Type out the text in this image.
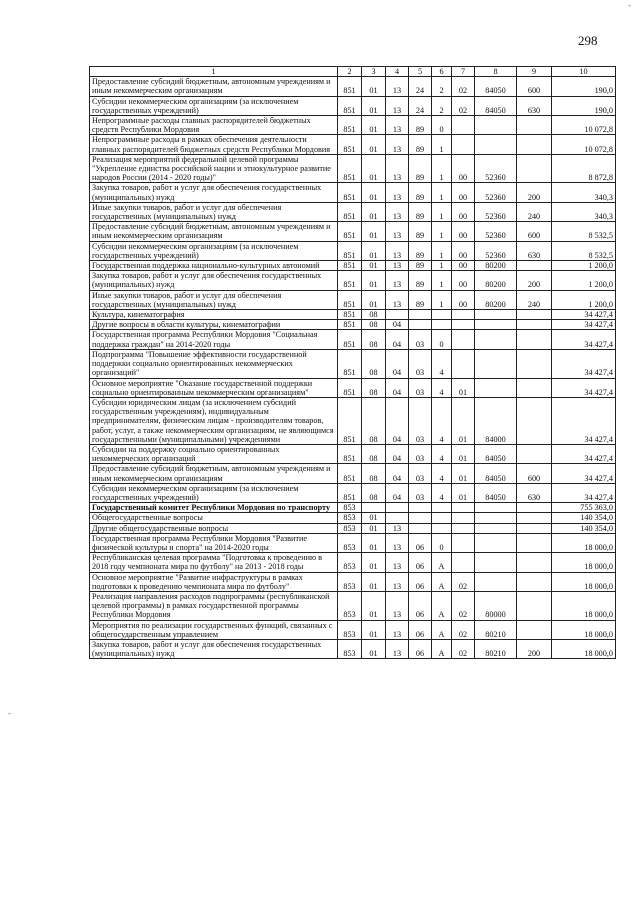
298
-
-
1	2	3	4	5	6	7	8	9	10
Предоставление субсидий бюджетным, автономным учреждениям и иным некоммерческим организациям	851	01	13	24	2	02	84050	600	190,0
Субсидии некоммерческим организациям (за исключением государственных учреждений)	851	01	13	24	2	02	84050	630	190,0
Непрограммные расходы главных распорядителей бюджетных средств Республики Мордовия	851	01	13	89	0				10 072,8
Непрограммные расходы в рамках обеспечения деятельности главных распорядителей бюджетных средств Республики Мордовия	851	01	13	89	1				10 072,8
Реализация мероприятий федеральной целевой программы "Укрепление единства российской нации и этнокультурное развитие народов России (2014 - 2020 годы)"	851	01	13	89	1	00	52360		8 872,8
Закупка товаров, работ и услуг для обеспечения государственных (муниципальных) нужд	851	01	13	89	1	00	52360	200	340,3
Иные закупки товаров, работ и услуг для обеспечения государственных (муниципальных) нужд	851	01	13	89	1	00	52360	240	340,3
Предоставление субсидий бюджетным, автономным учреждениям и иным некоммерческим организациям	851	01	13	89	1	00	52360	600	8 532,5
Субсидии некоммерческим организациям (за исключением государственных учреждений)	851	01	13	89	1	00	52360	630	8 532,5
Государственная поддержка национально-культурных автономий	851	01	13	89	1	00	80200		1 200,0
Закупка товаров, работ и услуг для обеспечения государственных (муниципальных) нужд	851	01	13	89	1	00	80200	200	1 200,0
Иные закупки товаров, работ и услуг для обеспечения государственных (муниципальных) нужд	851	01	13	89	1	00	80200	240	1 200,0
Культура, кинематография	851	08							34 427,4
Другие вопросы в области культуры, кинематографии	851	08	04						34 427,4
Государственная программа Республики Мордовия "Социальная поддержка граждан" на 2014-2020 годы	851	08	04	03	0				34 427,4
Подпрограмма "Повышение эффективности государственной поддержки социально ориентированных некоммерческих организаций"	851	08	04	03	4				34 427,4
Основное мероприятие "Оказание государственной поддержки социально ориентированным некоммерческим организациям"	851	08	04	03	4	01			34 427,4
Субсидии юридическим лицам (за исключением субсидий государственным учреждениям), индивидуальным предпринимателям, физическим лицам - производителям товаров, работ, услуг, а также некоммерческим организациям, не являющимся государственными (муниципальными) учреждениями	851	08	04	03	4	01	84000		34 427,4
Субсидии на поддержку социально ориентированных некоммерческих организаций	851	08	04	03	4	01	84050		34 427,4
Предоставление субсидий бюджетным, автономным учреждениям и иным некоммерческим организациям	851	08	04	03	4	01	84050	600	34 427,4
Субсидии некоммерческим организациям (за исключением государственных учреждений)	851	08	04	03	4	01	84050	630	34 427,4
Государственный комитет Республики Мордовия по транспорту	853								755 363,0
Общегосударственные вопросы	853	01							140 354,0
Другие общегосударственные вопросы	853	01	13						140 354,0
Государственная программа Республики Мордовия "Развитие физической культуры и спорта" на 2014-2020 годы	853	01	13	06	0				18 000,0
Республиканская целевая программа "Подготовка к проведению в 2018 году чемпионата мира по футболу" на 2013 - 2018 годы	853	01	13	06	А				18 000,0
Основное мероприятие "Развитие инфраструктуры в рамках подготовки к проведению чемпионата мира по футболу"	853	01	13	06	А	02			18 000,0
Реализация направления расходов подпрограммы (республиканской целевой программы) в рамках государственной программы Республики Мордовия	853	01	13	06	А	02	80000		18 000,0
Мероприятия по реализации государственных функций, связанных с общегосударственным управлением	853	01	13	06	А	02	80210		18 000,0
Закупка товаров, работ и услуг для обеспечения государственных (муниципальных) нужд	853	01	13	06	А	02	80210	200	18 000,0
